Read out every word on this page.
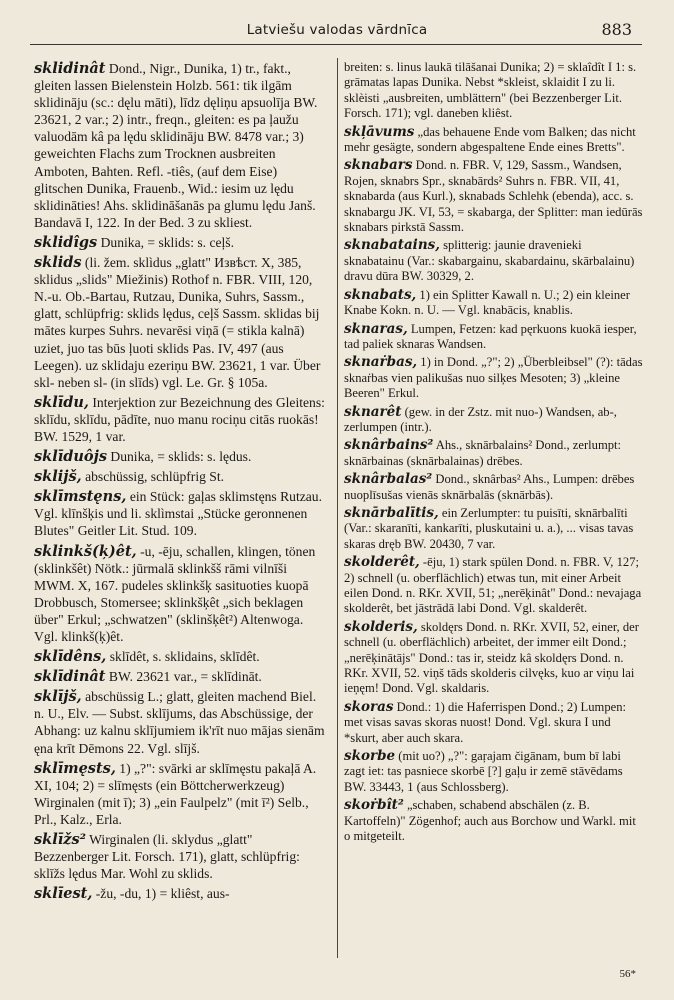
Latviešu valodas vārdnīca	883

sklidinât Dond., Nigr., Dunika, 1) tr., fakt., gleiten lassen Bielenstein Holzb. 561: tik ilgām sklidināju (sc.: dęlu māti), līdz dęliņu apsuolīja BW. 23621, 2 var.; 2) intr., freqn., gleiten: es pa ļaužu valuodām kâ pa lędu sklidināju BW. 8478 var.; 3) geweichten Flachs zum Trocknen ausbreiten Amboten, Bahten. Refl. -tiês, (auf dem Eise) glitschen Dunika, Frauenb., Wid.: iesim uz lędu sklidināties! Ahs. sklidināšanās pa glumu lędu Janš. Bandavā I, 122. In der Bed. 3 zu skliest.

sklidîgs Dunika, = sklids: s. ceļš.

sklids (li. žem. sklìdus „glatt" Извѣст. X, 385, sklidus „slids" Miežinis) Rothof n. FBR. VIII, 120, N.-u. Ob.-Bartau, Rutzau, Dunika, Suhrs, Sassm., glatt, schlüpfrig: sklids lędus, ceļš Sassm. sklidas bij mātes kurpes Suhrs. nevarēsi viņā (= stikla kalnā) uziet, juo tas būs ļuoti sklids Pas. IV, 497 (aus Leegen). uz sklidaju ezeriņu BW. 23621, 1 var. Über skl- neben sl- (in slīds) vgl. Le. Gr. § 105a.

sklīdu, Interjektion zur Bezeichnung des Gleitens: sklīdu, sklīdu, pādīte, nuo manu rociņu citās ruokās! BW. 1529, 1 var.

sklīduôjs Dunika, = sklids: s. lędus.

sklijš, abschüssig, schlüpfrig St.

sklīmstęns, ein Stück: gaļas sklimstęns Rutzau. Vgl. klīnšķis und li. sklìmstai „Stücke geronnenen Blutes" Geitler Lit. Stud. 109.

sklinkš(ķ)êt, -u, -ēju, schallen, klingen, tönen (sklinkšêt) Nötk.: jūrmalā sklinkšš rāmi vilnīši MWM. X, 167. pudeles sklinkšķ sasituoties kuopā Drobbusch, Stomersee; sklinkšķêt „sich beklagen über" Erkul; „schwatzen" (sklinšķêt²) Altenwoga. Vgl. klinkš(ķ)êt.

sklīdêns, sklīdêt, s. sklidains, sklīdêt.

sklīdinât BW. 23621 var., = sklīdināt.

sklījš, abschüssig L.; glatt, gleiten machend Biel. n. U., Elv. — Subst. sklījums, das Abschüssige, der Abhang: uz kalnu sklījumiem ik'rīt nuo mājas sienām ęna krīt Dēmons 22. Vgl. slījš.

sklīmęsts, 1) „?": svārki ar sklīmęstu pakaļā A. XI, 104; 2) = slīmęsts (ein Böttcherwerkzeug) Wirginalen (mit ī); 3) „ein Faulpelz" (mit ī²) Selb., Prl., Kalz., Erla.

sklīžs² Wirginalen (li. sklydus „glatt" Bezzenberger Lit. Forsch. 171), glatt, schlüpfrig: sklīžs lędus Mar. Wohl zu sklids.

sklīest, -žu, -du, 1) = kliêst, aus-

breiten: s. linus laukā tilāšanai Dunika; 2) = sklaîdît I 1: s. grāmatas lapas Dunika. Nebst *skleist, sklaidit I zu li. sklèisti „ausbreiten, umblättern" (bei Bezzenberger Lit. Forsch. 171); vgl. daneben kliêst.

skļāvums „das behauene Ende vom Balken; das nicht mehr gesägte, sondern abgespaltene Ende eines Bretts".

sknabars Dond. n. FBR. V, 129, Sassm., Wandsen, Rojen, sknabrs Spr., sknabārds² Suhrs n. FBR. VII, 41, sknabarda (aus Kurl.), sknabads Schlehk (ebenda), acc. s. sknabargu JK. VI, 53, = skabarga, der Splitter: man iedūrās sknabars pirkstā Sassm.

sknabatains, splitterig: jaunie dravenieki sknabatainu (Var.: skabargainu, skabardainu, skārbalainu) dravu dūra BW. 30329, 2.

sknabats, 1) ein Splitter Kawall n. U.; 2) ein kleiner Knabe Kokn. n. U. — Vgl. knabācis, knablis.

sknaras, Lumpen, Fetzen: kad pęrkuons kuokā iesper, tad paliek sknaras Wandsen.

sknaṙbas, 1) in Dond. „?"; 2) „Überbleibsel" (?): tādas sknaṙbas vien palikušas nuo silķes Mesoten; 3) „kleine Beeren" Erkul.

sknarêt (gew. in der Zstz. mit nuo-) Wandsen, ab-, zerlumpen (intr.).

sknârbains² Ahs., sknārbalains² Dond., zerlumpt: sknārbainas (sknārbalainas) drēbes.

sknârbalas² Dond., sknârbas² Ahs., Lumpen: drēbes nuoplīsušas vienās sknārbalās (sknārbās).

sknārbalītis, ein Zerlumpter: tu puisīti, sknārbalīti (Var.: skaranīti, kankarīti, pluskutaini u. a.), ... visas tavas skaras dręb BW. 20430, 7 var.

skolderêt, -ēju, 1) stark spülen Dond. n. FBR. V, 127; 2) schnell (u. oberflächlich) etwas tun, mit einer Arbeit eilen Dond. n. RKr. XVII, 51; „nerēķinât" Dond.: nevajaga skolderêt, bet jāstrādā labi Dond. Vgl. skalderêt.

skolderis, skoldęrs Dond. n. RKr. XVII, 52, einer, der schnell (u. oberflächlich) arbeitet, der immer eilt Dond.; „nerēķinātājs" Dond.: tas ir, steidz kâ skoldęrs Dond. n. RKr. XVII, 52. viņš tāds skolderis cilvęks, kuo ar viņu lai ieņęm! Dond. Vgl. skaldaris.

skoras Dond.: 1) die Haferrispen Dond.; 2) Lumpen: met visas savas skoras nuost! Dond. Vgl. skura I und *skurt, aber auch skara.

skorbe (mit uo?) „?": gaŗajam čigānam, bum bī labi zagt iet: tas pasniece skorbē [?] gaļu ir zemē stāvēdams BW. 33443, 1 (aus Schlossberg).

skoṙbît² „schaben, schabend abschälen (z. B. Kartoffeln)" Zögenhof; auch aus Borchow und Warkl. mit o mitgeteilt.

56*
